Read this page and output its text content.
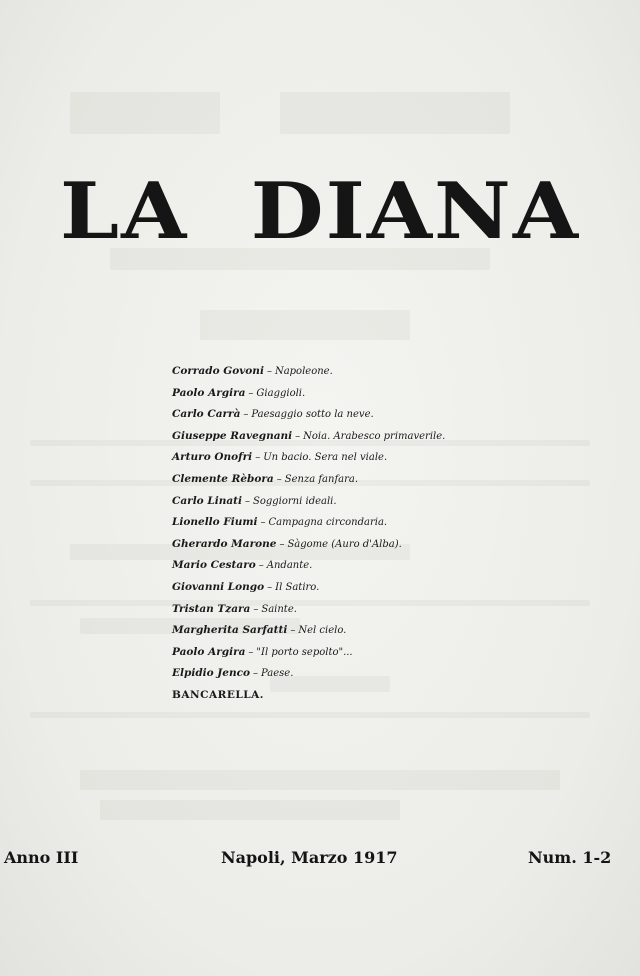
LA  DIANA
Corrado Govoni – Napoleone.
Paolo Argira – Giaggioli.
Carlo Carrà – Paesaggio sotto la neve.
Giuseppe Ravegnani – Noia. Arabesco primaverile.
Arturo Onofri – Un bacio. Sera nel viale.
Clemente Rèbora – Senza fanfara.
Carlo Linati – Soggiorni ideali.
Lionello Fiumi – Campagna circondaria.
Gherardo Marone – Sàgome (Auro d'Alba).
Mario Cestaro – Andante.
Giovanni Longo – Il Satiro.
Tristan Tzara – Sainte.
Margherita Sarfatti – Nel cielo.
Paolo Argira – "Il porto sepolto"...
Elpidio Jenco – Paese.
BANCARELLA.
Anno III	Napoli, Marzo 1917	Num. 1-2
